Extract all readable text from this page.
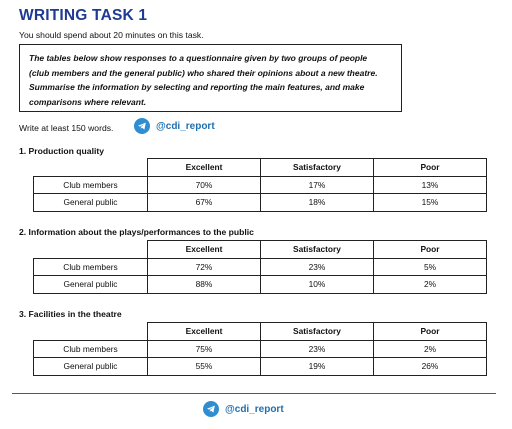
WRITING TASK 1
You should spend about 20 minutes on this task.

The tables below show responses to a questionnaire given by two groups of people

(club members and the general public) who shared their opinions about a new theatre.

Summarise the information by selecting and reporting the main features, and make

comparisons where relevant.

Write at least 150 words.	@cdi_report
1. Production quality
	Excellent	Satisfactory	Poor
Club members	70%	17%	13%
General public	67%	18%	15%
2. Information about the plays/performances to the public
	Excellent	Satisfactory	Poor
Club members	72%	23%	5%
General public	88%	10%	2%
3. Facilities in the theatre
	Excellent	Satisfactory	Poor
Club members	75%	23%	2%
General public	55%	19%	26%
@cdi_report
